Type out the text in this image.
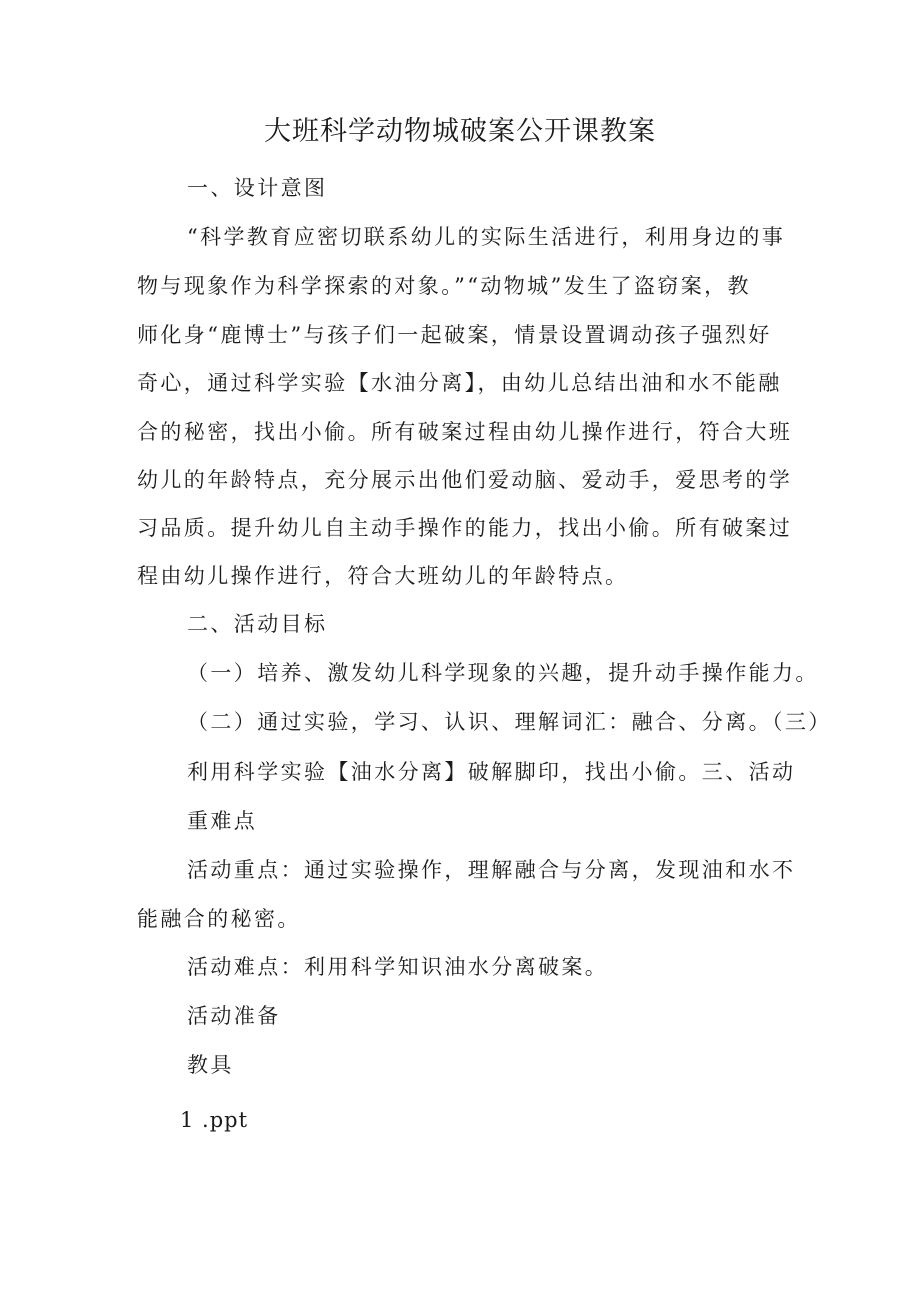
大班科学动物城破案公开课教案

一、设计意图

“科学教育应密切联系幼儿的实际生活进行，利用身边的事

物与现象作为科学探索的对象。”“动物城”发生了盗窃案，教

师化身“鹿博士”与孩子们一起破案，情景设置调动孩子强烈好

奇心，通过科学实验【水油分离】，由幼儿总结出油和水不能融

合的秘密，找出小偷。所有破案过程由幼儿操作进行，符合大班

幼儿的年龄特点，充分展示出他们爱动脑、爱动手，爱思考的学

习品质。提升幼儿自主动手操作的能力，找出小偷。所有破案过

程由幼儿操作进行，符合大班幼儿的年龄特点。

二、活动目标

（一）培养、激发幼儿科学现象的兴趣，提升动手操作能力。

（二）通过实验，学习、认识、理解词汇：融合、分离。（三）

利用科学实验【油水分离】破解脚印，找出小偷。三、活动

重难点

活动重点：通过实验操作，理解融合与分离，发现油和水不

能融合的秘密。

活动难点：利用科学知识油水分离破案。

活动准备

教具

1 .ppt
